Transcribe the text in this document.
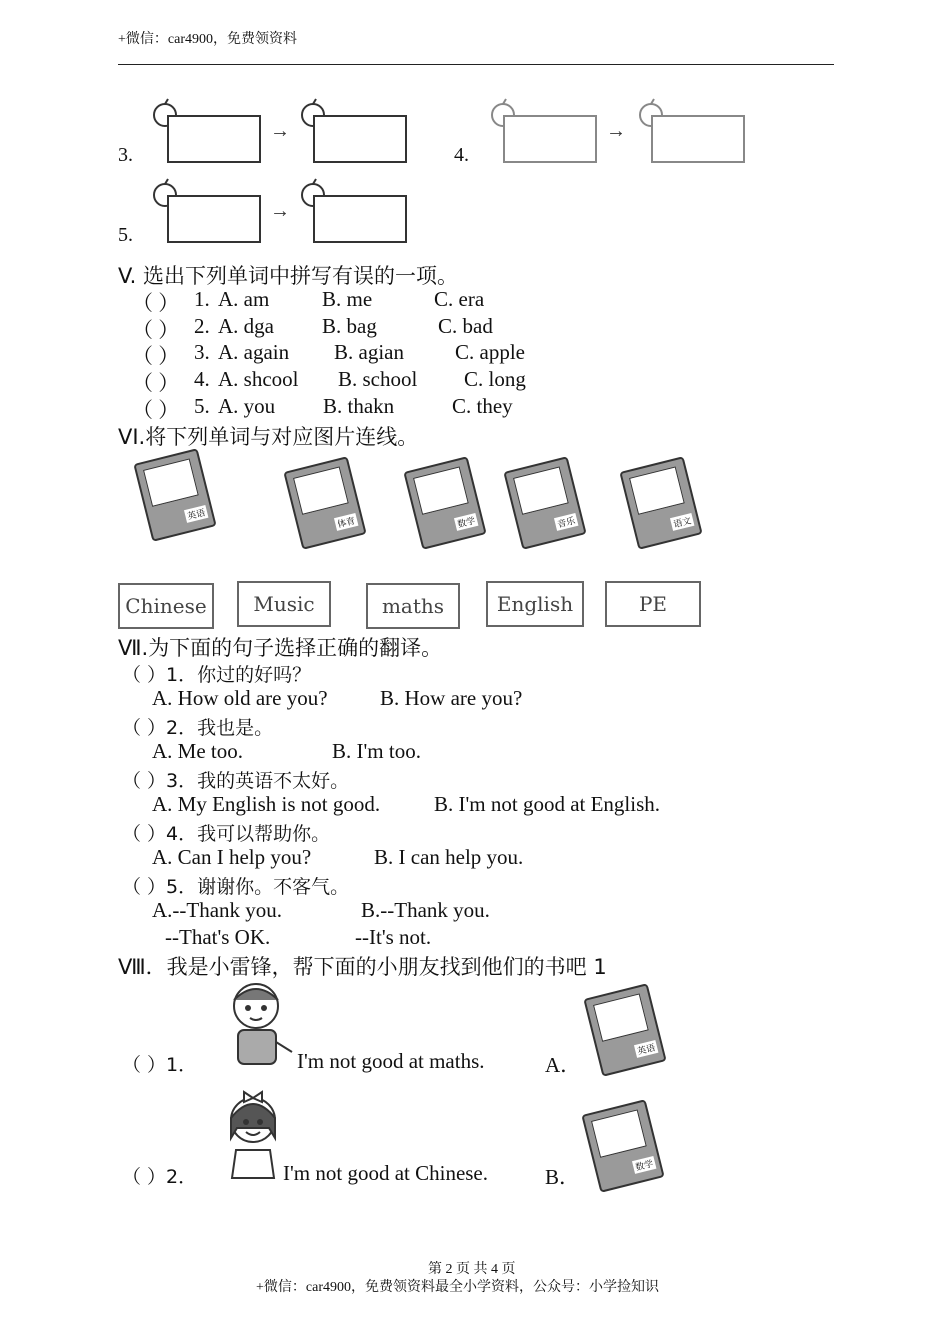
+微信：car4900，免费领资料
3.
→
4.
→
5.
→
V. 选出下列单词中拼写有误的一项。
（ ） 1. A. am	B. me	C. era
（ ） 2. A. dga B. bag	C. bad
（ ） 3. A. again B. agian C. apple
（ ） 4. A. shcool B. school C. long
（ ） 5. A. you B. thakn	C. they
VI.将下列单词与对应图片连线。
英语
体育	数学	音乐	语文
Chinese	Music	maths	English	PE
Ⅶ.为下面的句子选择正确的翻译。
（ ）1．你过的好吗？
A. How old are you? B. How are you?
（ ）2．我也是。
A. Me too.	B. I'm too.
（ ）3．我的英语不太好。
A. My English is not good.	B. I'm not good at English.
（ ）4．我可以帮助你。
A. Can I help you?	B. I can help you.
（ ）5．谢谢你。不客气。
A.--Thank you.	B.--Thank you.
--That's OK.	--It's not.
Ⅷ．我是小雷锋，帮下面的小朋友找到他们的书吧 1
（ ）1．	I'm not good at maths.	A．
英语
（ ）2．	I'm not good at Chinese.	B．	数学
第 2 页 共 4 页
+微信：car4900，免费领资料最全小学资料，公众号：小学捡知识
